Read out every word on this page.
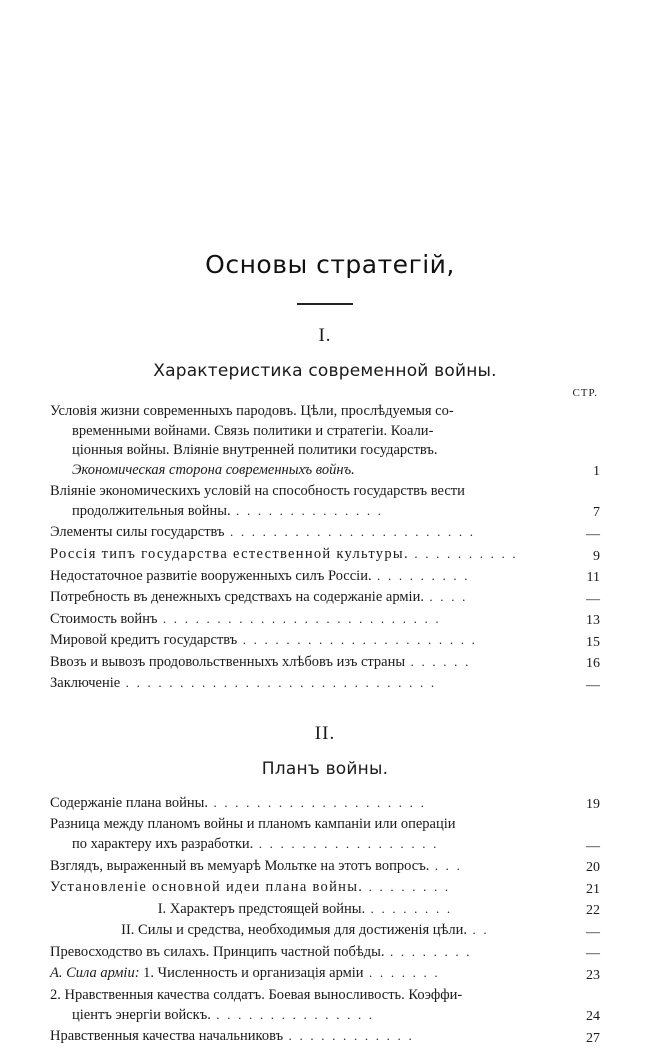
Основы стратегій,
I.
Характеристика современной войны.
СТР.
Условія жизни современныхъ пародовъ. Цѣли, прослѣдуемыя со-
временными войнами. Связь политики и стратегіи. Коали-
ціонныя войны. Вліяніе внутренней политики государствъ.
Экономическая сторона современныхъ войнъ.	1
Вліяніе экономическихъ условій на способность государствъ вести
продолжительныя войны. . . . . . . . . . . . . . .	7
Элементы силы государствъ . . . . . . . . . . . . . . . . . . . . . . .	—
Россія типъ государства естественной культуры. . . . . . . . . . .	9
Недостаточное развитіе вооруженныхъ силъ Россіи. . . . . . . . . .	11
Потребность въ денежныхъ средствахъ на содержаніе арміи. . . . .	—
Стоимость войнъ . . . . . . . . . . . . . . . . . . . . . . . . . .	13
Мировой кредитъ государствъ . . . . . . . . . . . . . . . . . . . . . .	15
Ввозъ и вывозъ продовольственныхъ хлѣбовъ изъ страны . . . . . .	16
Заключеніе . . . . . . . . . . . . . . . . . . . . . . . . . . . . .	—
II.
Планъ войны.
Содержаніе плана войны. . . . . . . . . . . . . . . . . . . . .	19
Разница между планомъ войны и планомъ кампаніи или операціи
по характеру ихъ разработки. . . . . . . . . . . . . . . . . .	—
Взглядъ, выраженный въ мемуарѣ Мольтке на этотъ вопросъ. . . .	20
Установленіе основной идеи плана войны. . . . . . . . .	21
I. Характеръ предстоящей войны. . . . . . . . .	22
II. Силы и средства, необходимыя для достиженія цѣли. . .	—
Превосходство въ силахъ. Принципъ частной побѣды. . . . . . . . .	—
А. Сила арміи: 1. Численность и организація арміи . . . . . . .	23
2. Нравственныя качества солдатъ. Боевая выносливость. Коэффи-
ціентъ энергіи войскъ. . . . . . . . . . . . . . . .	24
Нравственныя качества начальниковъ . . . . . . . . . . . .	27
